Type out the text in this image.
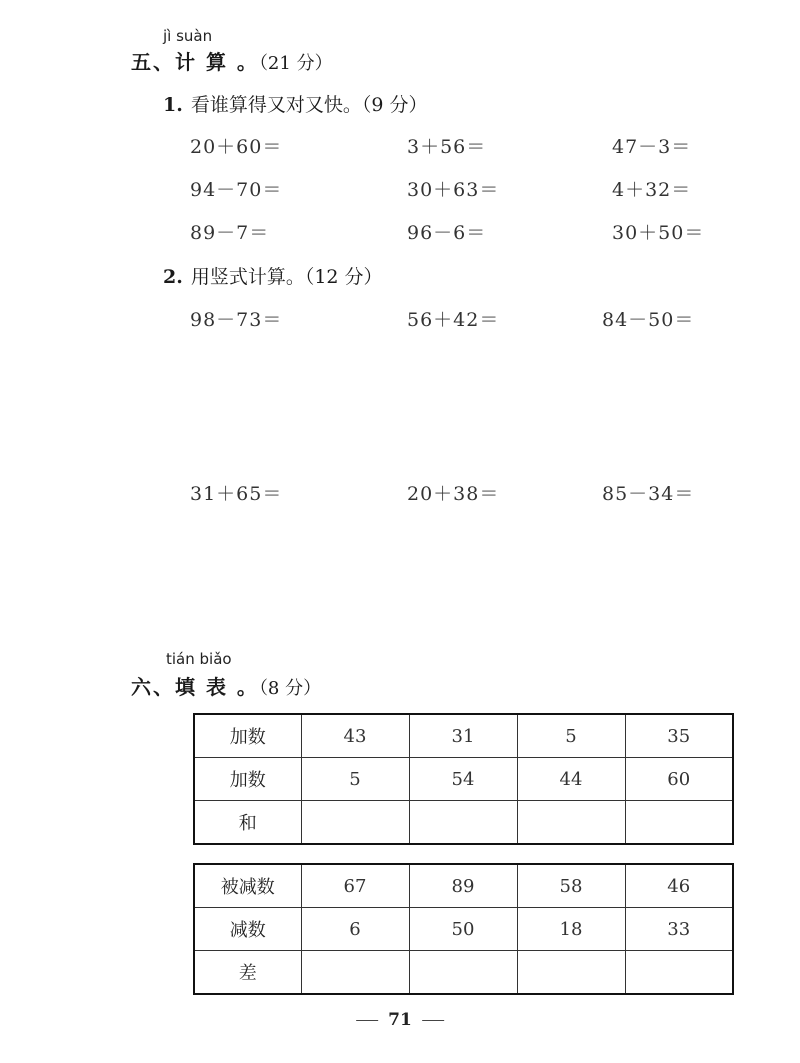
jì suàn
五、计 算 。（21 分）
1. 看谁算得又对又快。（9 分）
20＋60＝	3＋56＝	47－3＝
94－70＝	30＋63＝	4＋32＝
89－7＝	96－6＝	30＋50＝
2. 用竖式计算。（12 分）
98－73＝	56＋42＝	84－50＝
31＋65＝	20＋38＝	85－34＝
tián biǎo
六、填 表 。（8 分）
加数	43	31	5	35
加数	5	54	44	60
和				
被减数	67	89	58	46
减数	6	50	18	33
差				
71
